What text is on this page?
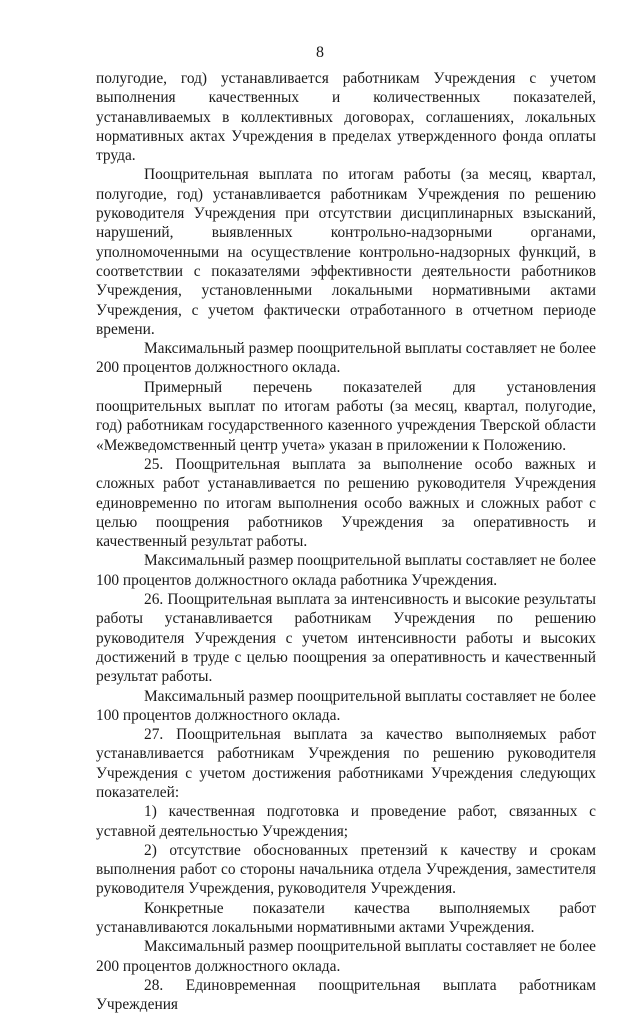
8

полугодие, год) устанавливается работникам Учреждения с учетом выполнения качественных и количественных показателей, устанавливаемых в коллективных договорах, соглашениях, локальных нормативных актах Учреждения в пределах утвержденного фонда оплаты труда.

Поощрительная выплата по итогам работы (за месяц, квартал, полугодие, год) устанавливается работникам Учреждения по решению руководителя Учреждения при отсутствии дисциплинарных взысканий, нарушений, выявленных контрольно-надзорными органами, уполномоченными на осуществление контрольно-надзорных функций, в соответствии с показателями эффективности деятельности работников Учреждения, установленными локальными нормативными актами Учреждения, с учетом фактически отработанного в отчетном периоде времени.

Максимальный размер поощрительной выплаты составляет не более 200 процентов должностного оклада.

Примерный перечень показателей для установления поощрительных выплат по итогам работы (за месяц, квартал, полугодие, год) работникам государственного казенного учреждения Тверской области «Межведомственный центр учета» указан в приложении к Положению.

25. Поощрительная выплата за выполнение особо важных и сложных работ устанавливается по решению руководителя Учреждения единовременно по итогам выполнения особо важных и сложных работ с целью поощрения работников Учреждения за оперативность и качественный результат работы.

Максимальный размер поощрительной выплаты составляет не более 100 процентов должностного оклада работника Учреждения.

26. Поощрительная выплата за интенсивность и высокие результаты работы устанавливается работникам Учреждения по решению руководителя Учреждения с учетом интенсивности работы и высоких достижений в труде с целью поощрения за оперативность и качественный результат работы.

Максимальный размер поощрительной выплаты составляет не более 100 процентов должностного оклада.

27. Поощрительная выплата за качество выполняемых работ устанавливается работникам Учреждения по решению руководителя Учреждения с учетом достижения работниками Учреждения следующих показателей:

1) качественная подготовка и проведение работ, связанных с уставной деятельностью Учреждения;

2) отсутствие обоснованных претензий к качеству и срокам выполнения работ со стороны начальника отдела Учреждения, заместителя руководителя Учреждения, руководителя Учреждения.

Конкретные показатели качества выполняемых работ устанавливаются локальными нормативными актами Учреждения.

Максимальный размер поощрительной выплаты составляет не более 200 процентов должностного оклада.

28. Единовременная поощрительная выплата работникам Учреждения
